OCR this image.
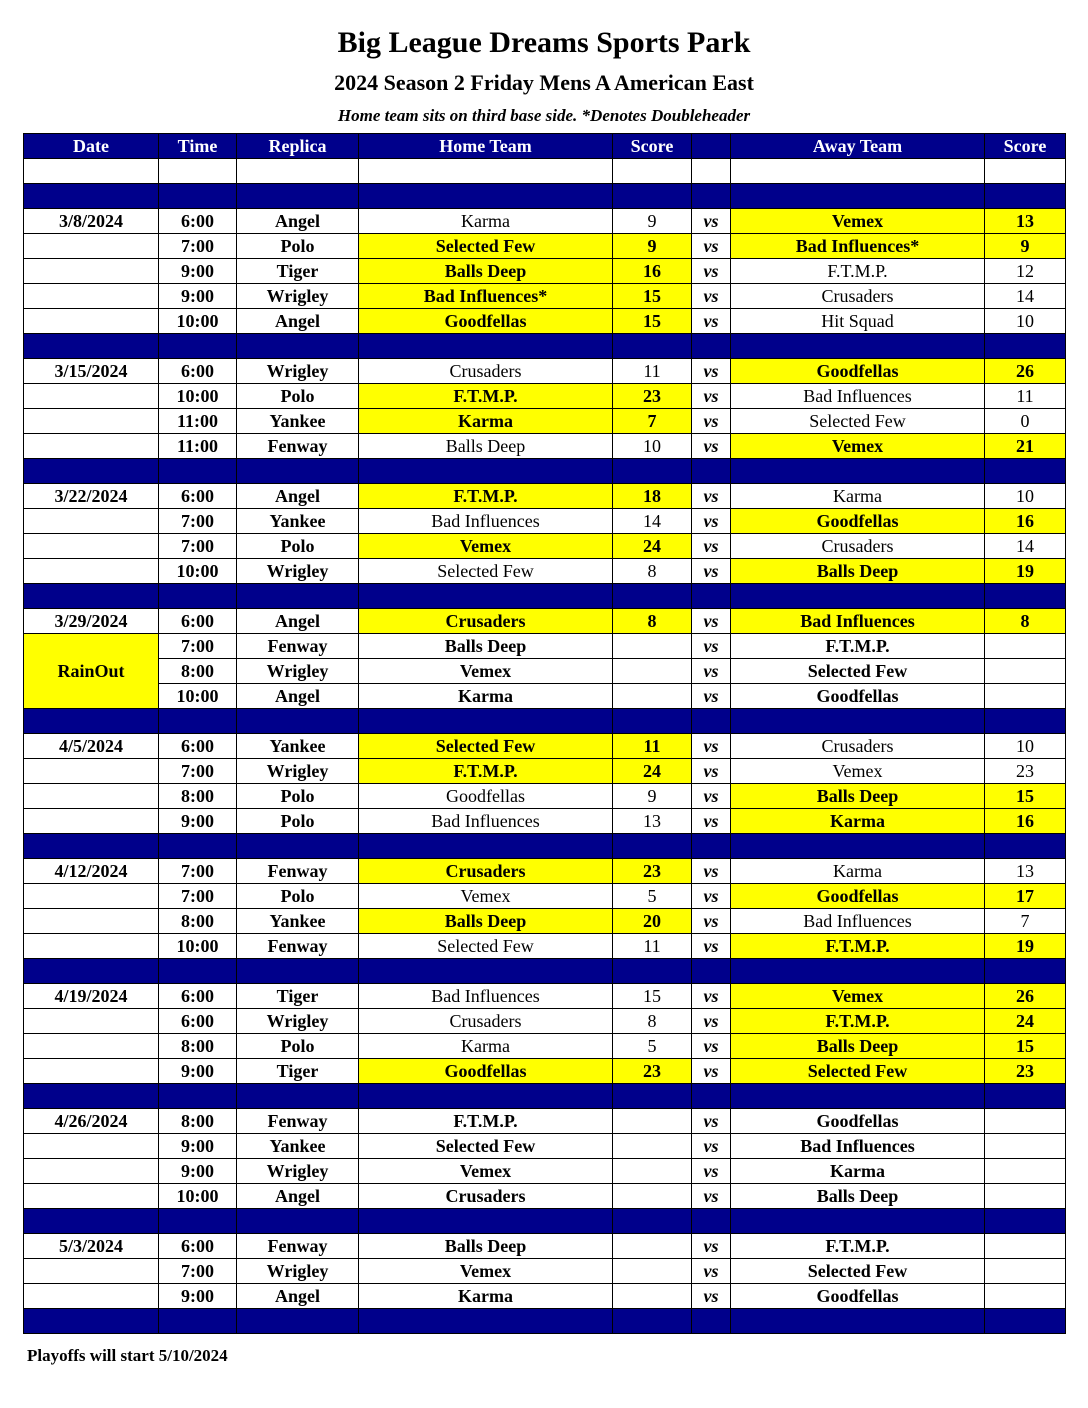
Big League Dreams Sports Park
2024 Season 2 Friday Mens A American East
Home team sits on third base side. *Denotes Doubleheader
Date	Time	Replica	Home Team	Score		Away Team	Score

3/8/2024	6:00	Angel	Karma	9	vs	Vemex	13
	7:00	Polo	Selected Few	9	vs	Bad Influences*	9
	9:00	Tiger	Balls Deep	16	vs	F.T.M.P.	12
	9:00	Wrigley	Bad Influences*	15	vs	Crusaders	14
	10:00	Angel	Goodfellas	15	vs	Hit Squad	10

3/15/2024	6:00	Wrigley	Crusaders	11	vs	Goodfellas	26
	10:00	Polo	F.T.M.P.	23	vs	Bad Influences	11
	11:00	Yankee	Karma	7	vs	Selected Few	0
	11:00	Fenway	Balls Deep	10	vs	Vemex	21

3/22/2024	6:00	Angel	F.T.M.P.	18	vs	Karma	10
	7:00	Yankee	Bad Influences	14	vs	Goodfellas	16
	7:00	Polo	Vemex	24	vs	Crusaders	14
	10:00	Wrigley	Selected Few	8	vs	Balls Deep	19

3/29/2024	6:00	Angel	Crusaders	8	vs	Bad Influences	8
RainOut	7:00	Fenway	Balls Deep		vs	F.T.M.P.	
	8:00	Wrigley	Vemex		vs	Selected Few	
	10:00	Angel	Karma		vs	Goodfellas	

4/5/2024	6:00	Yankee	Selected Few	11	vs	Crusaders	10
	7:00	Wrigley	F.T.M.P.	24	vs	Vemex	23
	8:00	Polo	Goodfellas	9	vs	Balls Deep	15
	9:00	Polo	Bad Influences	13	vs	Karma	16

4/12/2024	7:00	Fenway	Crusaders	23	vs	Karma	13
	7:00	Polo	Vemex	5	vs	Goodfellas	17
	8:00	Yankee	Balls Deep	20	vs	Bad Influences	7
	10:00	Fenway	Selected Few	11	vs	F.T.M.P.	19

4/19/2024	6:00	Tiger	Bad Influences	15	vs	Vemex	26
	6:00	Wrigley	Crusaders	8	vs	F.T.M.P.	24
	8:00	Polo	Karma	5	vs	Balls Deep	15
	9:00	Tiger	Goodfellas	23	vs	Selected Few	23

4/26/2024	8:00	Fenway	F.T.M.P.		vs	Goodfellas	
	9:00	Yankee	Selected Few		vs	Bad Influences	
	9:00	Wrigley	Vemex		vs	Karma	
	10:00	Angel	Crusaders		vs	Balls Deep	

5/3/2024	6:00	Fenway	Balls Deep		vs	F.T.M.P.	
	7:00	Wrigley	Vemex		vs	Selected Few	
	9:00	Angel	Karma		vs	Goodfellas	

Playoffs will start 5/10/2024
